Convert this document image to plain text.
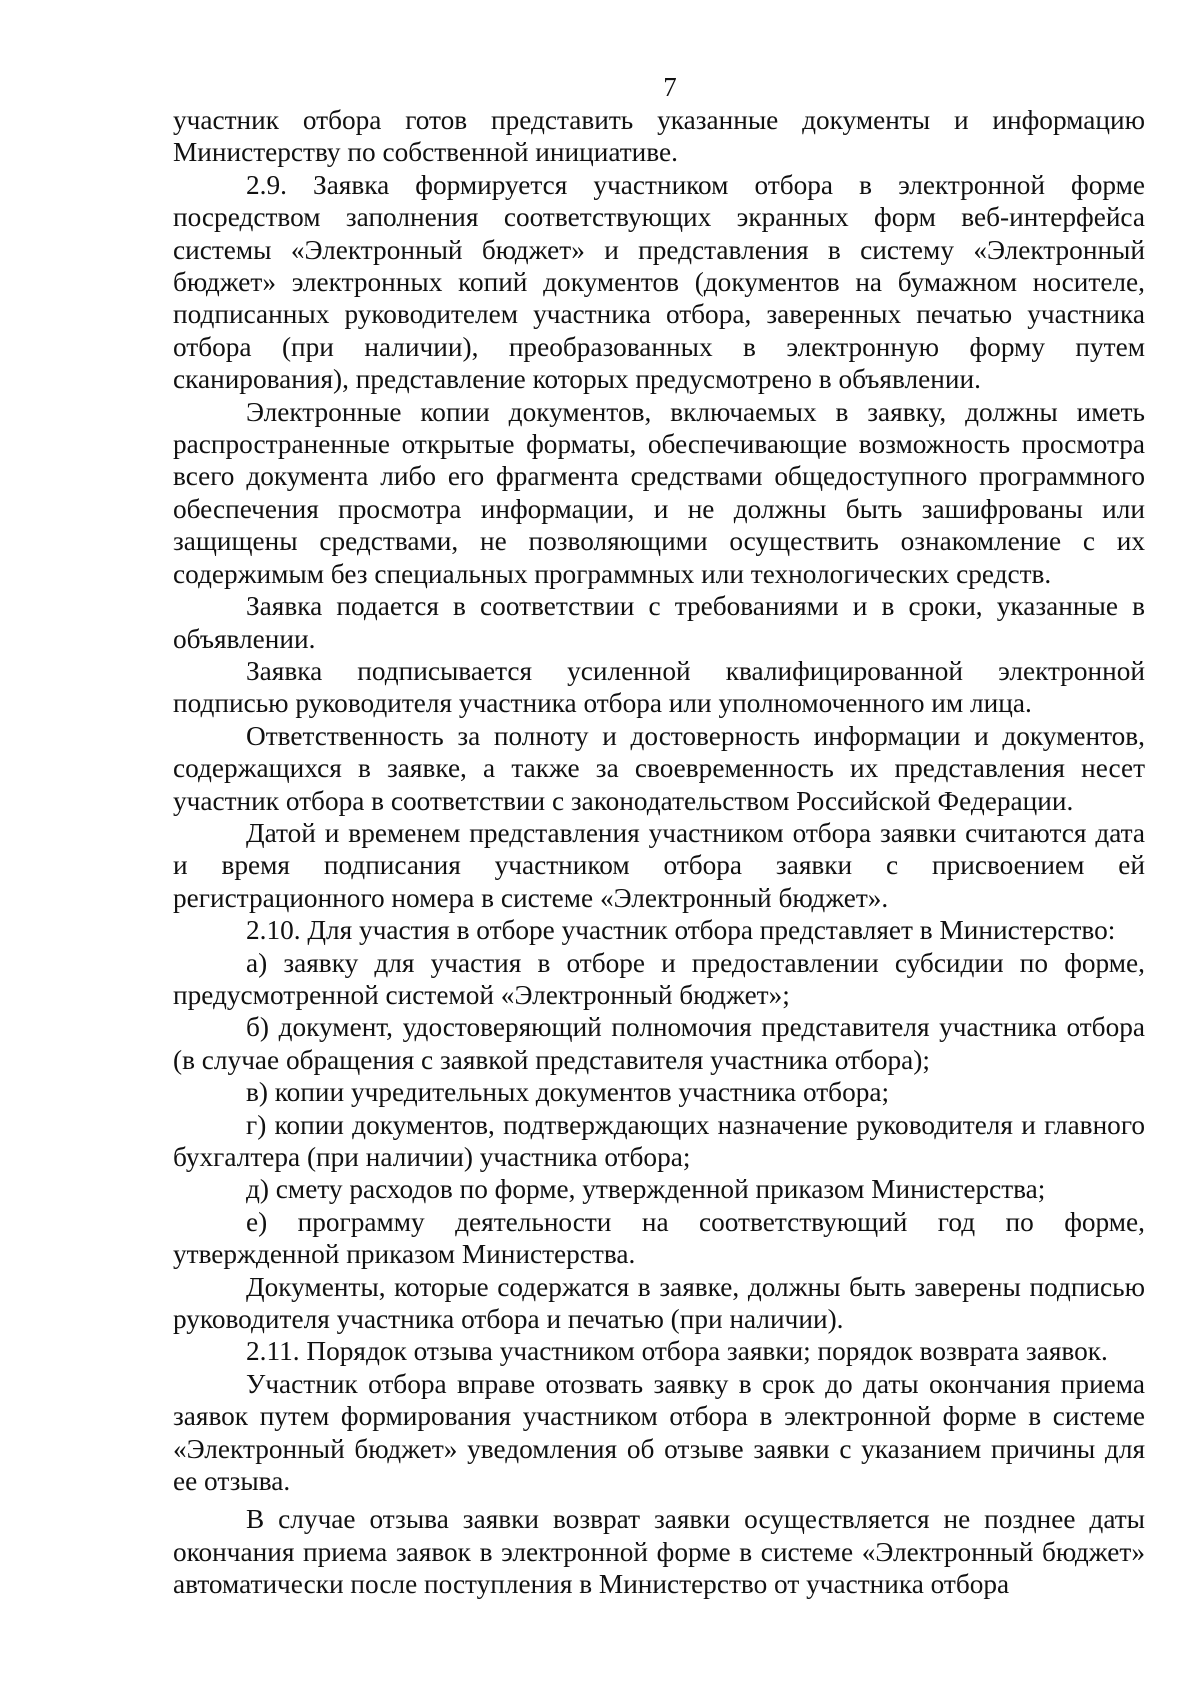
7

участник отбора готов представить указанные документы и информацию Министерству по собственной инициативе.

2.9. Заявка формируется участником отбора в электронной форме посредством заполнения соответствующих экранных форм веб-интерфейса системы «Электронный бюджет» и представления в систему «Электронный бюджет» электронных копий документов (документов на бумажном носителе, подписанных руководителем участника отбора, заверенных печатью участника отбора (при наличии), преобразованных в электронную форму путем сканирования), представление которых предусмотрено в объявлении.

Электронные копии документов, включаемых в заявку, должны иметь распространенные открытые форматы, обеспечивающие возможность просмотра всего документа либо его фрагмента средствами общедоступного программного обеспечения просмотра информации, и не должны быть зашифрованы или защищены средствами, не позволяющими осуществить ознакомление с их содержимым без специальных программных или технологических средств.

Заявка подается в соответствии с требованиями и в сроки, указанные в объявлении.

Заявка подписывается усиленной квалифицированной электронной подписью руководителя участника отбора или уполномоченного им лица.

Ответственность за полноту и достоверность информации и документов, содержащихся в заявке, а также за своевременность их представления несет участник отбора в соответствии с законодательством Российской Федерации.

Датой и временем представления участником отбора заявки считаются дата и время подписания участником отбора заявки с присвоением ей регистрационного номера в системе «Электронный бюджет».

2.10. Для участия в отборе участник отбора представляет в Министерство:

а) заявку для участия в отборе и предоставлении субсидии по форме, предусмотренной системой «Электронный бюджет»;

б) документ, удостоверяющий полномочия представителя участника отбора (в случае обращения с заявкой представителя участника отбора);

в) копии учредительных документов участника отбора;

г) копии документов, подтверждающих назначение руководителя и главного бухгалтера (при наличии) участника отбора;

д) смету расходов по форме, утвержденной приказом Министерства;

е) программу деятельности на соответствующий год по форме, утвержденной приказом Министерства.

Документы, которые содержатся в заявке, должны быть заверены подписью руководителя участника отбора и печатью (при наличии).

2.11. Порядок отзыва участником отбора заявки; порядок возврата заявок.

Участник отбора вправе отозвать заявку в срок до даты окончания приема заявок путем формирования участником отбора в электронной форме в системе «Электронный бюджет» уведомления об отзыве заявки с указанием причины для ее отзыва.

В случае отзыва заявки возврат заявки осуществляется не позднее даты окончания приема заявок в электронной форме в системе «Электронный бюджет» автоматически после поступления в Министерство от участника отбора
